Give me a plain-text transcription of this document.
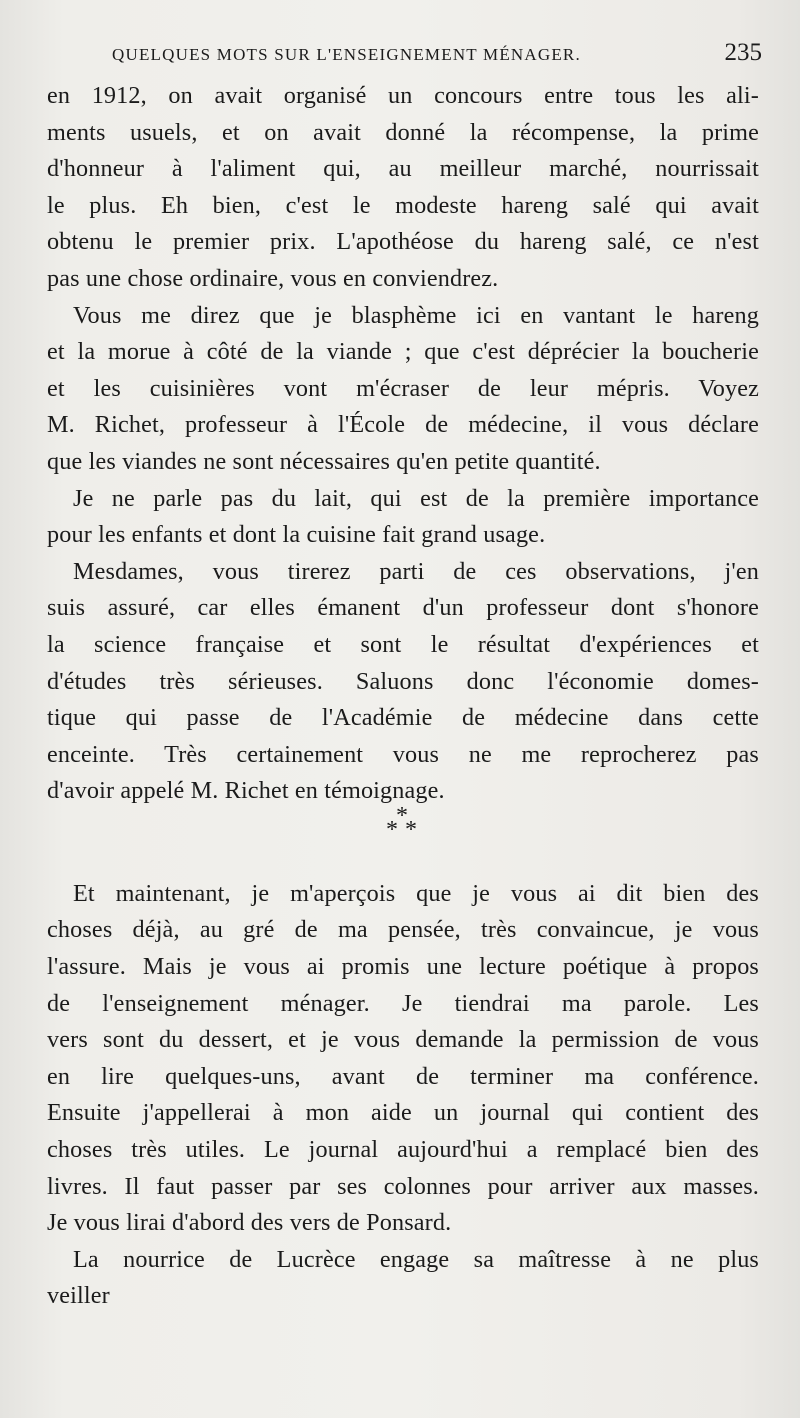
QUELQUES MOTS SUR L'ENSEIGNEMENT MÉNAGER.	235
en 1912, on avait organisé un concours entre tous les ali-
ments usuels, et on avait donné la récompense, la prime
d'honneur à l'aliment qui, au meilleur marché, nourrissait
le plus. Eh bien, c'est le modeste hareng salé qui avait
obtenu le premier prix. L'apothéose du hareng salé, ce n'est
pas une chose ordinaire, vous en conviendrez.
Vous me direz que je blasphème ici en vantant le hareng
et la morue à côté de la viande ; que c'est déprécier la boucherie
et les cuisinières vont m'écraser de leur mépris. Voyez
M. Richet, professeur à l'École de médecine, il vous déclare
que les viandes ne sont nécessaires qu'en petite quantité.
Je ne parle pas du lait, qui est de la première importance
pour les enfants et dont la cuisine fait grand usage.
Mesdames, vous tirerez parti de ces observations, j'en
suis assuré, car elles émanent d'un professeur dont s'honore
la science française et sont le résultat d'expériences et
d'études très sérieuses. Saluons donc l'économie domes-
tique qui passe de l'Académie de médecine dans cette
enceinte. Très certainement vous ne me reprocherez pas
d'avoir appelé M. Richet en témoignage.
*
* *
Et maintenant, je m'aperçois que je vous ai dit bien des
choses déjà, au gré de ma pensée, très convaincue, je vous
l'assure. Mais je vous ai promis une lecture poétique à propos
de l'enseignement ménager. Je tiendrai ma parole. Les
vers sont du dessert, et je vous demande la permission de vous
en lire quelques-uns, avant de terminer ma conférence.
Ensuite j'appellerai à mon aide un journal qui contient des
choses très utiles. Le journal aujourd'hui a remplacé bien des
livres. Il faut passer par ses colonnes pour arriver aux masses.
Je vous lirai d'abord des vers de Ponsard.
La nourrice de Lucrèce engage sa maîtresse à ne plus
veiller
